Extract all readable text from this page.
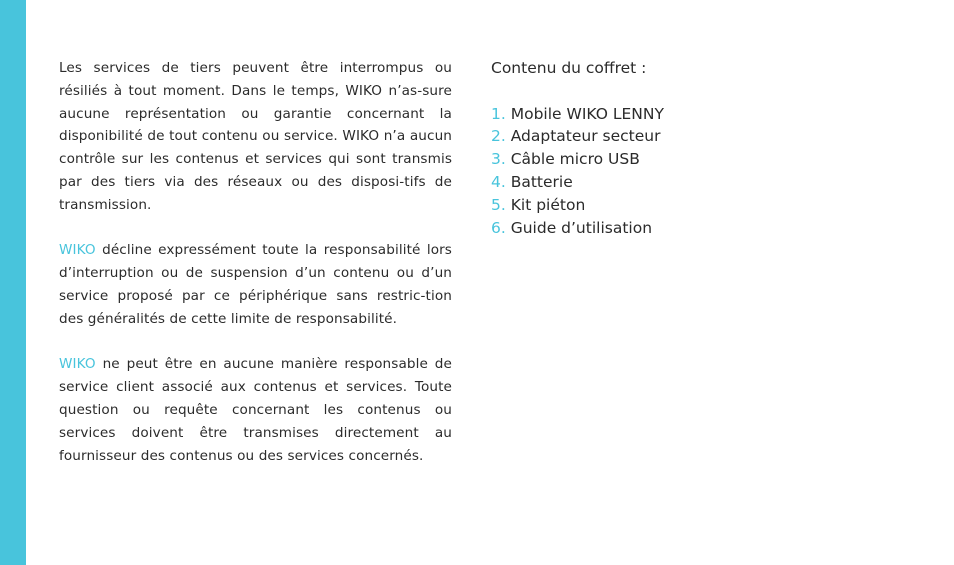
Les services de tiers peuvent être interrompus ou résiliés à tout moment. Dans le temps, WIKO n’as-sure aucune représentation ou garantie concernant la disponibilité de tout contenu ou service. WIKO n’a aucun contrôle sur les contenus et services qui sont transmis par des tiers via des réseaux ou des disposi-tifs de transmission.

WIKO décline expressément toute la responsabilité lors d’interruption ou de suspension d’un contenu ou d’un service proposé par ce périphérique sans restric-tion des généralités de cette limite de responsabilité.

WIKO ne peut être en aucune manière responsable de service client associé aux contenus et services. Toute question ou requête concernant les contenus ou services doivent être transmises directement au fournisseur des contenus ou des services concernés.

Contenu du coffret :
1. Mobile WIKO LENNY
2. Adaptateur secteur
3. Câble micro USB
4. Batterie
5. Kit piéton
6. Guide d’utilisation
